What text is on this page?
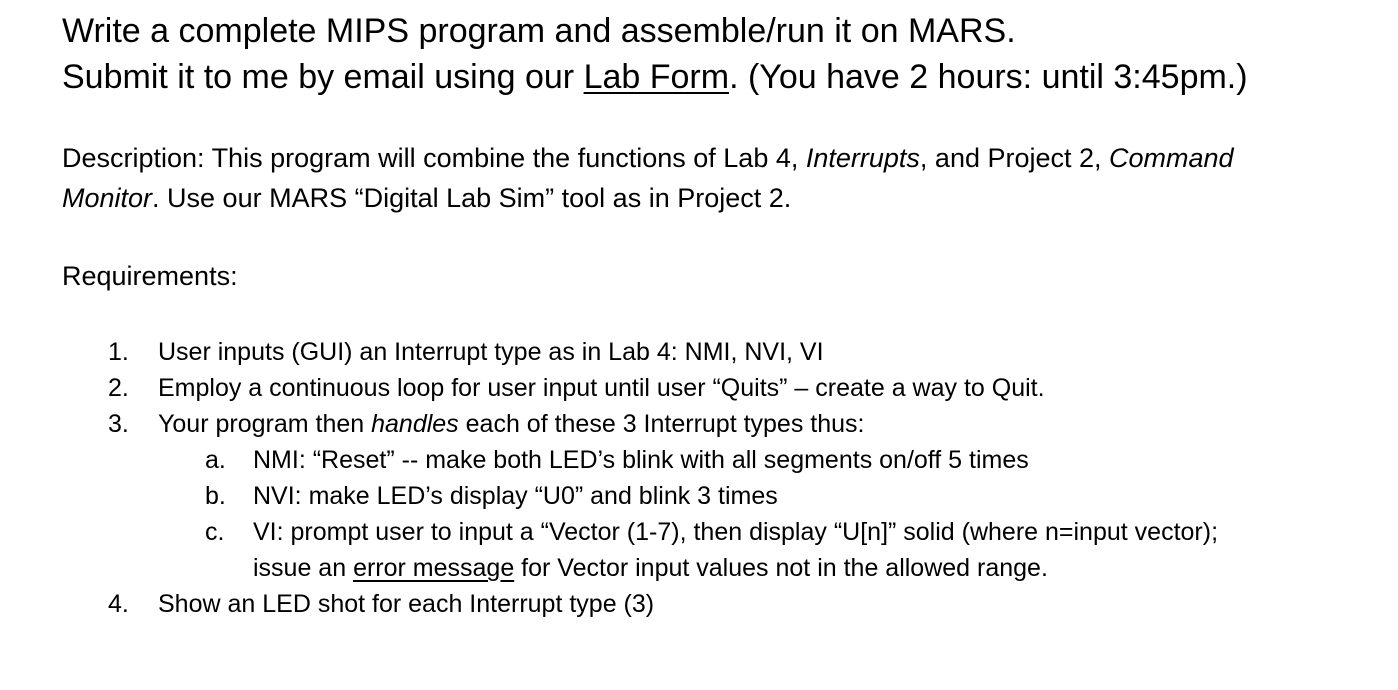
Write a complete MIPS program and assemble/run it on MARS.
Submit it to me by email using our Lab Form. (You have 2 hours: until 3:45pm.)
Description: This program will combine the functions of Lab 4, Interrupts, and Project 2, Command
Monitor. Use our MARS “Digital Lab Sim” tool as in Project 2.
Requirements:
1. User inputs (GUI) an Interrupt type as in Lab 4: NMI, NVI, VI
2. Employ a continuous loop for user input until user “Quits” – create a way to Quit.
3. Your program then handles each of these 3 Interrupt types thus:
a. NMI: “Reset” -- make both LED’s blink with all segments on/off 5 times
b. NVI: make LED’s display “U0” and blink 3 times
c. VI: prompt user to input a “Vector (1-7), then display “U[n]” solid (where n=input vector);
issue an error message for Vector input values not in the allowed range.
4. Show an LED shot for each Interrupt type (3)
